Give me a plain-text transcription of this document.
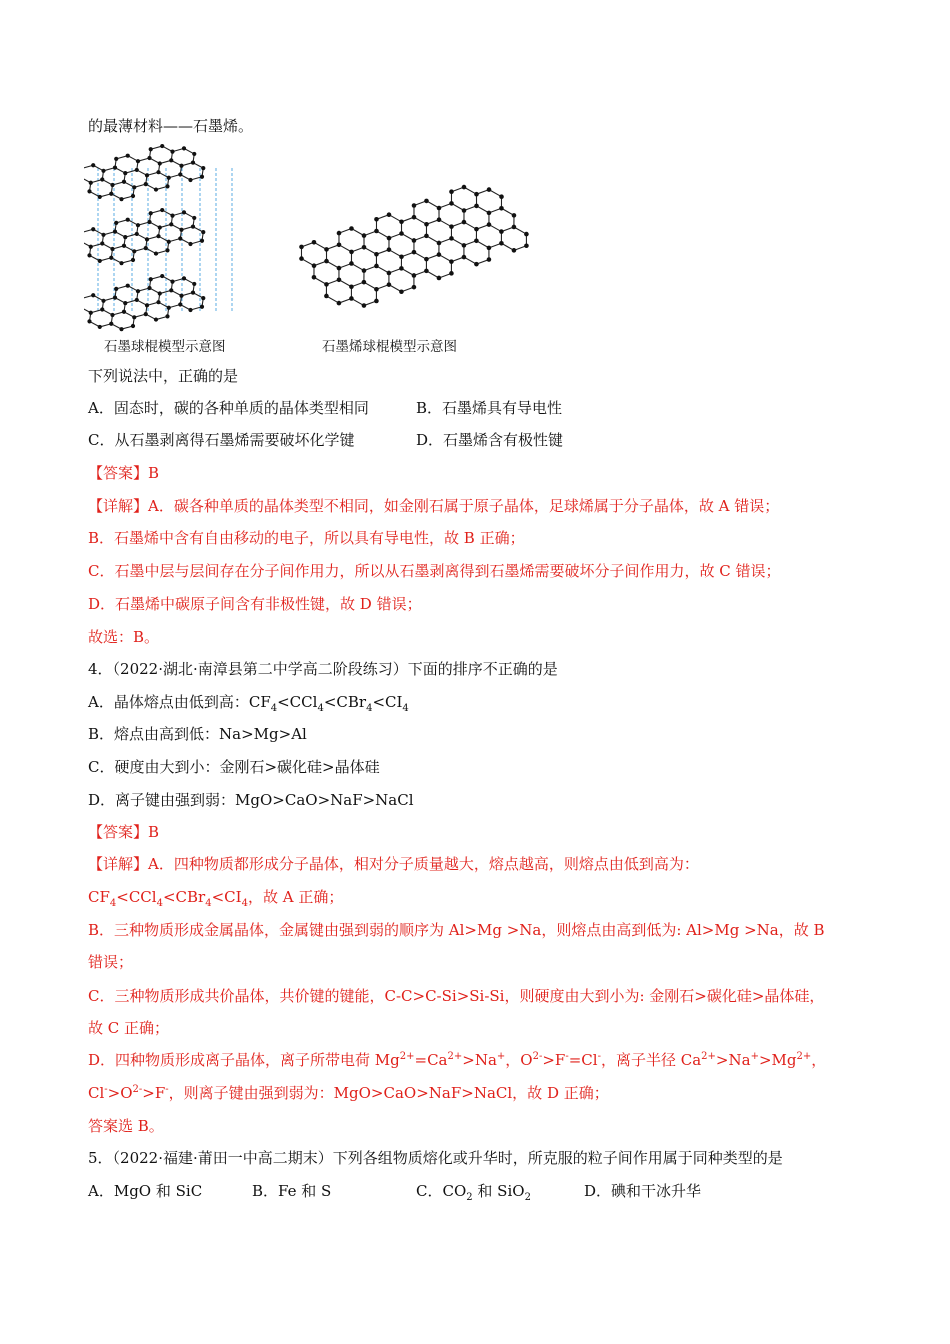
的最薄材料——石墨烯。
石墨球棍模型示意图	石墨烯球棍模型示意图
下列说法中，正确的是
A．固态时，碳的各种单质的晶体类型相同	B．石墨烯具有导电性
C．从石墨剥离得石墨烯需要破坏化学键	D．石墨烯含有极性键
【答案】B
【详解】A．碳各种单质的晶体类型不相同，如金刚石属于原子晶体，足球烯属于分子晶体，故 A 错误；
B．石墨烯中含有自由移动的电子，所以具有导电性，故 B 正确；
C．石墨中层与层间存在分子间作用力，所以从石墨剥离得到石墨烯需要破坏分子间作用力，故 C 错误；
D．石墨烯中碳原子间含有非极性键，故 D 错误；
故选：B。
4．（2022·湖北·南漳县第二中学高二阶段练习）下面的排序不正确的是
A．晶体熔点由低到高：$CF_4<CCl_4<CBr_4<CI_4$
B．熔点由高到低：Na>Mg>Al
C．硬度由大到小：金刚石>碳化硅>晶体硅
D．离子键由强到弱：MgO>CaO>NaF>NaCl
【答案】B
【详解】A．四种物质都形成分子晶体，相对分子质量越大，熔点越高，则熔点由低到高为：
$CF_4<CCl_4<CBr_4<CI_4$，故 A 正确；
B．三种物质形成金属晶体，金属键由强到弱的顺序为 Al>Mg >Na，则熔点由高到低为: Al>Mg >Na，故 B
错误；
C．三种物质形成共价晶体，共价键的键能，C-C>C-Si>Si-Si，则硬度由大到小为: 金刚石>碳化硅>晶体硅，
故 C 正确；
D．四种物质形成离子晶体，离子所带电荷 $Mg^{2+}=Ca^{2+}>Na^+$，$O^{2-}>F^-=Cl^-$，离子半径 $Ca^{2+}>Na^+>Mg^{2+}$，
$Cl^->O^{2-}>F^-$，则离子键由强到弱为：MgO>CaO>NaF>NaCl，故 D 正确；
答案选 B。
5．（2022·福建·莆田一中高二期末）下列各组物质熔化或升华时，所克服的粒子间作用属于同种类型的是
A．MgO 和 SiC	B．Fe 和 S	C．$CO_2$ 和 SiO$_2$	D．碘和干冰升华
